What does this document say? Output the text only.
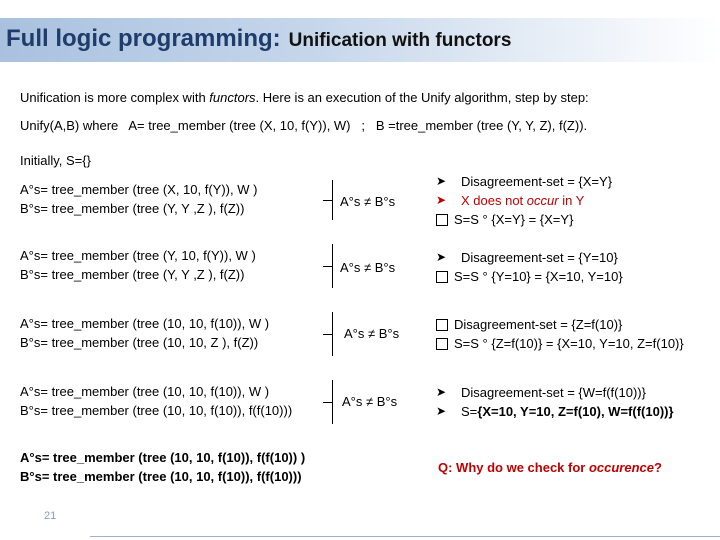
Full logic programming: Unification with functors
Unification is more complex with functors. Here is an execution of the Unify algorithm, step by step:
Unify(A,B) where A= tree_member (tree (X, 10, f(Y)), W) ; B =tree_member (tree (Y, Y, Z), f(Z)).
Initially, S={}
A°s= tree_member (tree (X, 10, f(Y)), W )
B°s= tree_member (tree (Y, Y ,Z ), f(Z))	A°s ≠ B°s
➤	Disagreement-set = {X=Y}
➤	X does not occur in Y
S=S ° {X=Y} = {X=Y}
A°s= tree_member (tree (Y, 10, f(Y)), W )
B°s= tree_member (tree (Y, Y ,Z ), f(Z))	A°s ≠ B°s
➤	Disagreement-set = {Y=10}
S=S ° {Y=10} = {X=10, Y=10}
A°s= tree_member (tree (10, 10, f(10)), W )
B°s= tree_member (tree (10, 10, Z ), f(Z))
A°s ≠ B°s
Disagreement-set = {Z=f(10)}
S=S ° {Z=f(10)} = {X=10, Y=10, Z=f(10)}
A°s= tree_member (tree (10, 10, f(10)), W )
B°s= tree_member (tree (10, 10, f(10)), f(f(10)))
A°s ≠ B°s
➤	Disagreement-set = {W=f(f(10))}
➤	S={X=10, Y=10, Z=f(10), W=f(f(10))}
A°s= tree_member (tree (10, 10, f(10)), f(f(10)) )
B°s= tree_member (tree (10, 10, f(10)), f(f(10)))
Q: Why do we check for occurence?
21
